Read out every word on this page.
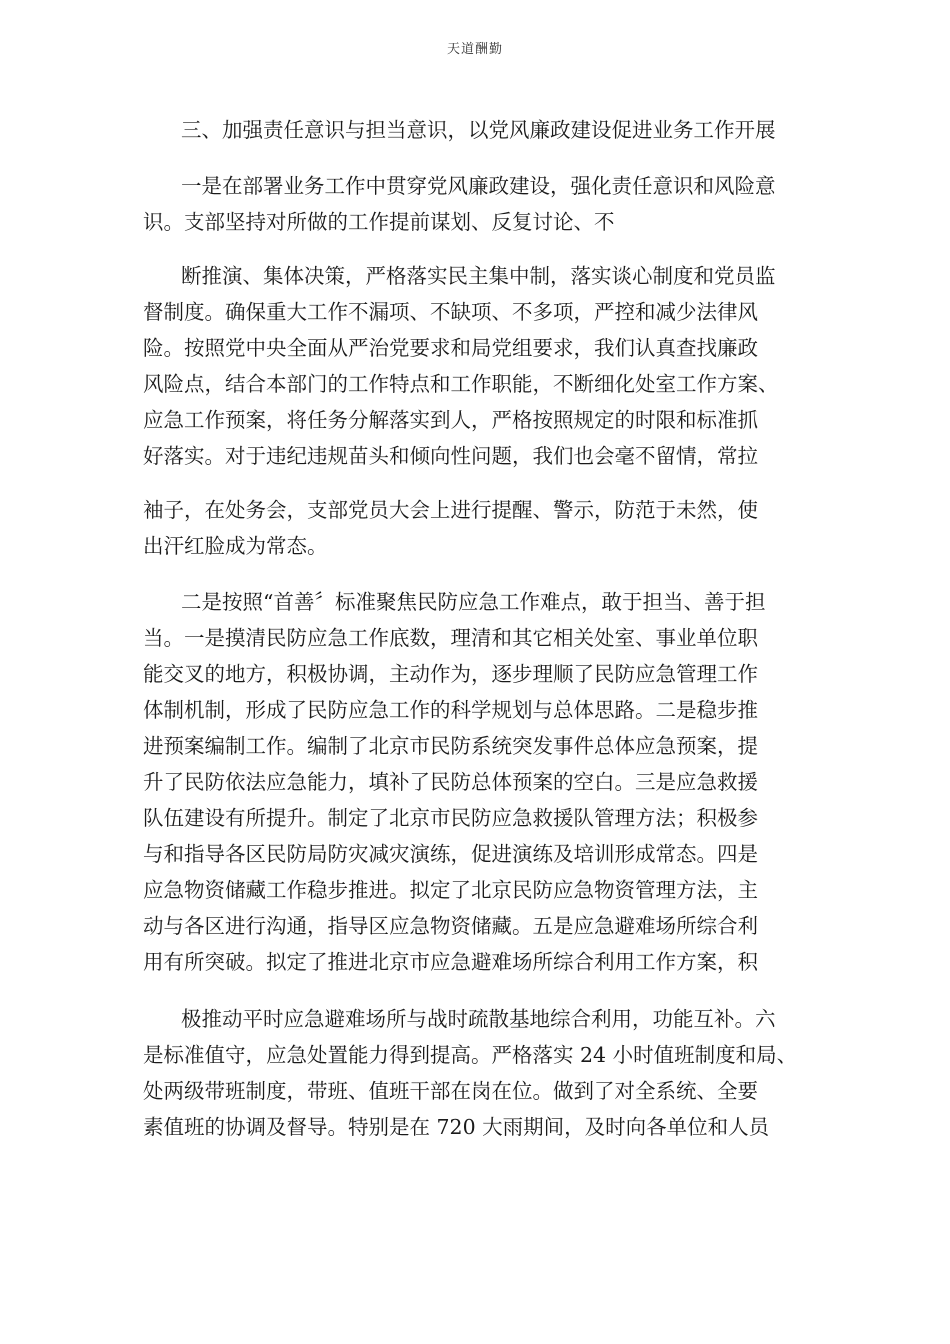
天道酬勤
三、加强责任意识与担当意识，以党风廉政建设促进业务工作开展
一是在部署业务工作中贯穿党风廉政建设，强化责任意识和风险意
识。支部坚持对所做的工作提前谋划、反复讨论、不
断推演、集体决策，严格落实民主集中制，落实谈心制度和党员监
督制度。确保重大工作不漏项、不缺项、不多项，严控和减少法律风
险。按照党中央全面从严治党要求和局党组要求，我们认真查找廉政
风险点，结合本部门的工作特点和工作职能，不断细化处室工作方案、
应急工作预案，将任务分解落实到人，严格按照规定的时限和标准抓
好落实。对于违纪违规苗头和倾向性问题，我们也会毫不留情，常拉
袖子，在处务会，支部党员大会上进行提醒、警示，防范于未然，使
出汗红脸成为常态。
二是按照“首善〞标准聚焦民防应急工作难点，敢于担当、善于担
当。一是摸清民防应急工作底数，理清和其它相关处室、事业单位职
能交叉的地方，积极协调，主动作为，逐步理顺了民防应急管理工作
体制机制，形成了民防应急工作的科学规划与总体思路。二是稳步推
进预案编制工作。编制了北京市民防系统突发事件总体应急预案，提
升了民防依法应急能力，填补了民防总体预案的空白。三是应急救援
队伍建设有所提升。制定了北京市民防应急救援队管理方法；积极参
与和指导各区民防局防灾减灾演练，促进演练及培训形成常态。四是
应急物资储藏工作稳步推进。拟定了北京民防应急物资管理方法，主
动与各区进行沟通，指导区应急物资储藏。五是应急避难场所综合利
用有所突破。拟定了推进北京市应急避难场所综合利用工作方案，积
极推动平时应急避难场所与战时疏散基地综合利用，功能互补。六
是标准值守，应急处置能力得到提高。严格落实 24 小时值班制度和局、
处两级带班制度，带班、值班干部在岗在位。做到了对全系统、全要
素值班的协调及督导。特别是在 720 大雨期间，及时向各单位和人员
